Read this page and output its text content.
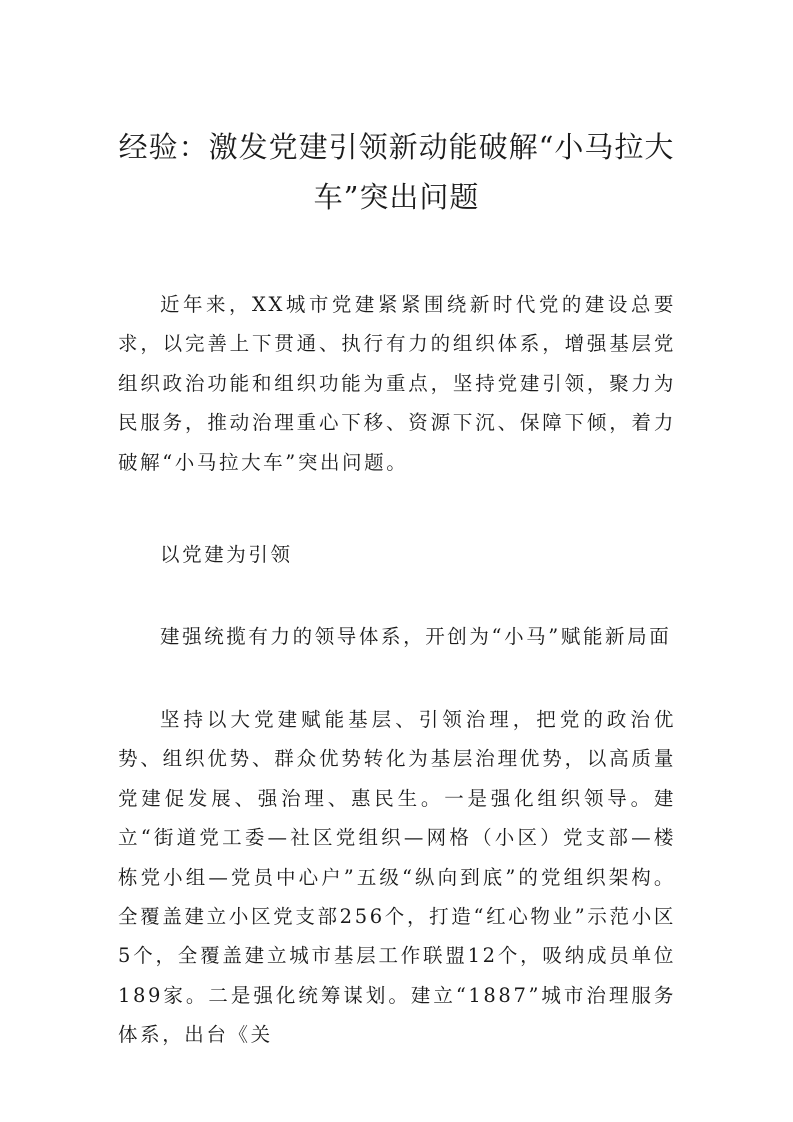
经验：激发党建引领新动能破解“小马拉大车”突出问题

近年来，XX城市党建紧紧围绕新时代党的建设总要求，以完善上下贯通、执行有力的组织体系，增强基层党组织政治功能和组织功能为重点，坚持党建引领，聚力为民服务，推动治理重心下移、资源下沉、保障下倾，着力破解“小马拉大车”突出问题。

以党建为引领

建强统揽有力的领导体系，开创为“小马”赋能新局面

坚持以大党建赋能基层、引领治理，把党的政治优势、组织优势、群众优势转化为基层治理优势，以高质量党建促发展、强治理、惠民生。一是强化组织领导。建立“街道党工委—社区党组织—网格（小区）党支部—楼栋党小组—党员中心户”五级“纵向到底”的党组织架构。全覆盖建立小区党支部256个，打造“红心物业”示范小区5个，全覆盖建立城市基层工作联盟12个，吸纳成员单位189家。二是强化统筹谋划。建立“1887”城市治理服务体系，出台《关
